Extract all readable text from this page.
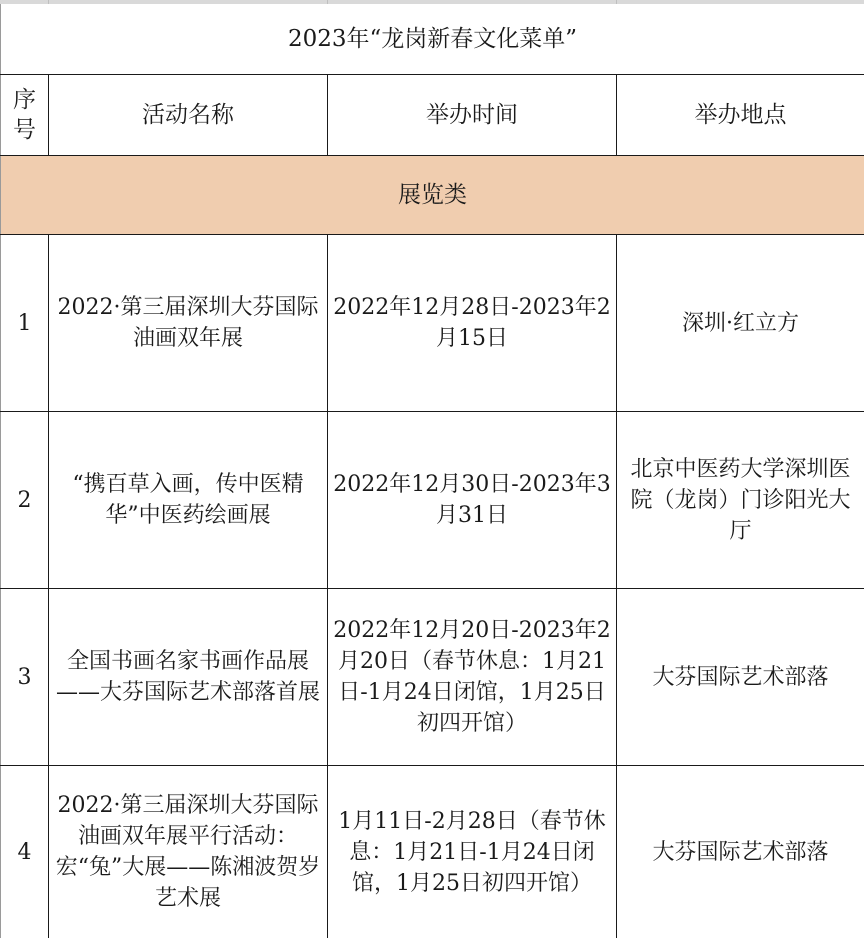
2023年“龙岗新春文化菜单”			
序号	活动名称	举办时间	举办地点
展览类			
1	2022·第三届深圳大芬国际油画双年展	2022年12月28日-2023年2月15日	深圳·红立方
2	“携百草入画，传中医精华”中医药绘画展	2022年12月30日-2023年3月31日	北京中医药大学深圳医院（龙岗）门诊阳光大厅
3	全国书画名家书画作品展——大芬国际艺术部落首展	2022年12月20日-2023年2月20日（春节休息：1月21日-1月24日闭馆，1月25日初四开馆）	大芬国际艺术部落
4	2022·第三届深圳大芬国际油画双年展平行活动：宏“兔”大展——陈湘波贺岁艺术展	1月11日-2月28日（春节休息：1月21日-1月24日闭馆，1月25日初四开馆）	大芬国际艺术部落
